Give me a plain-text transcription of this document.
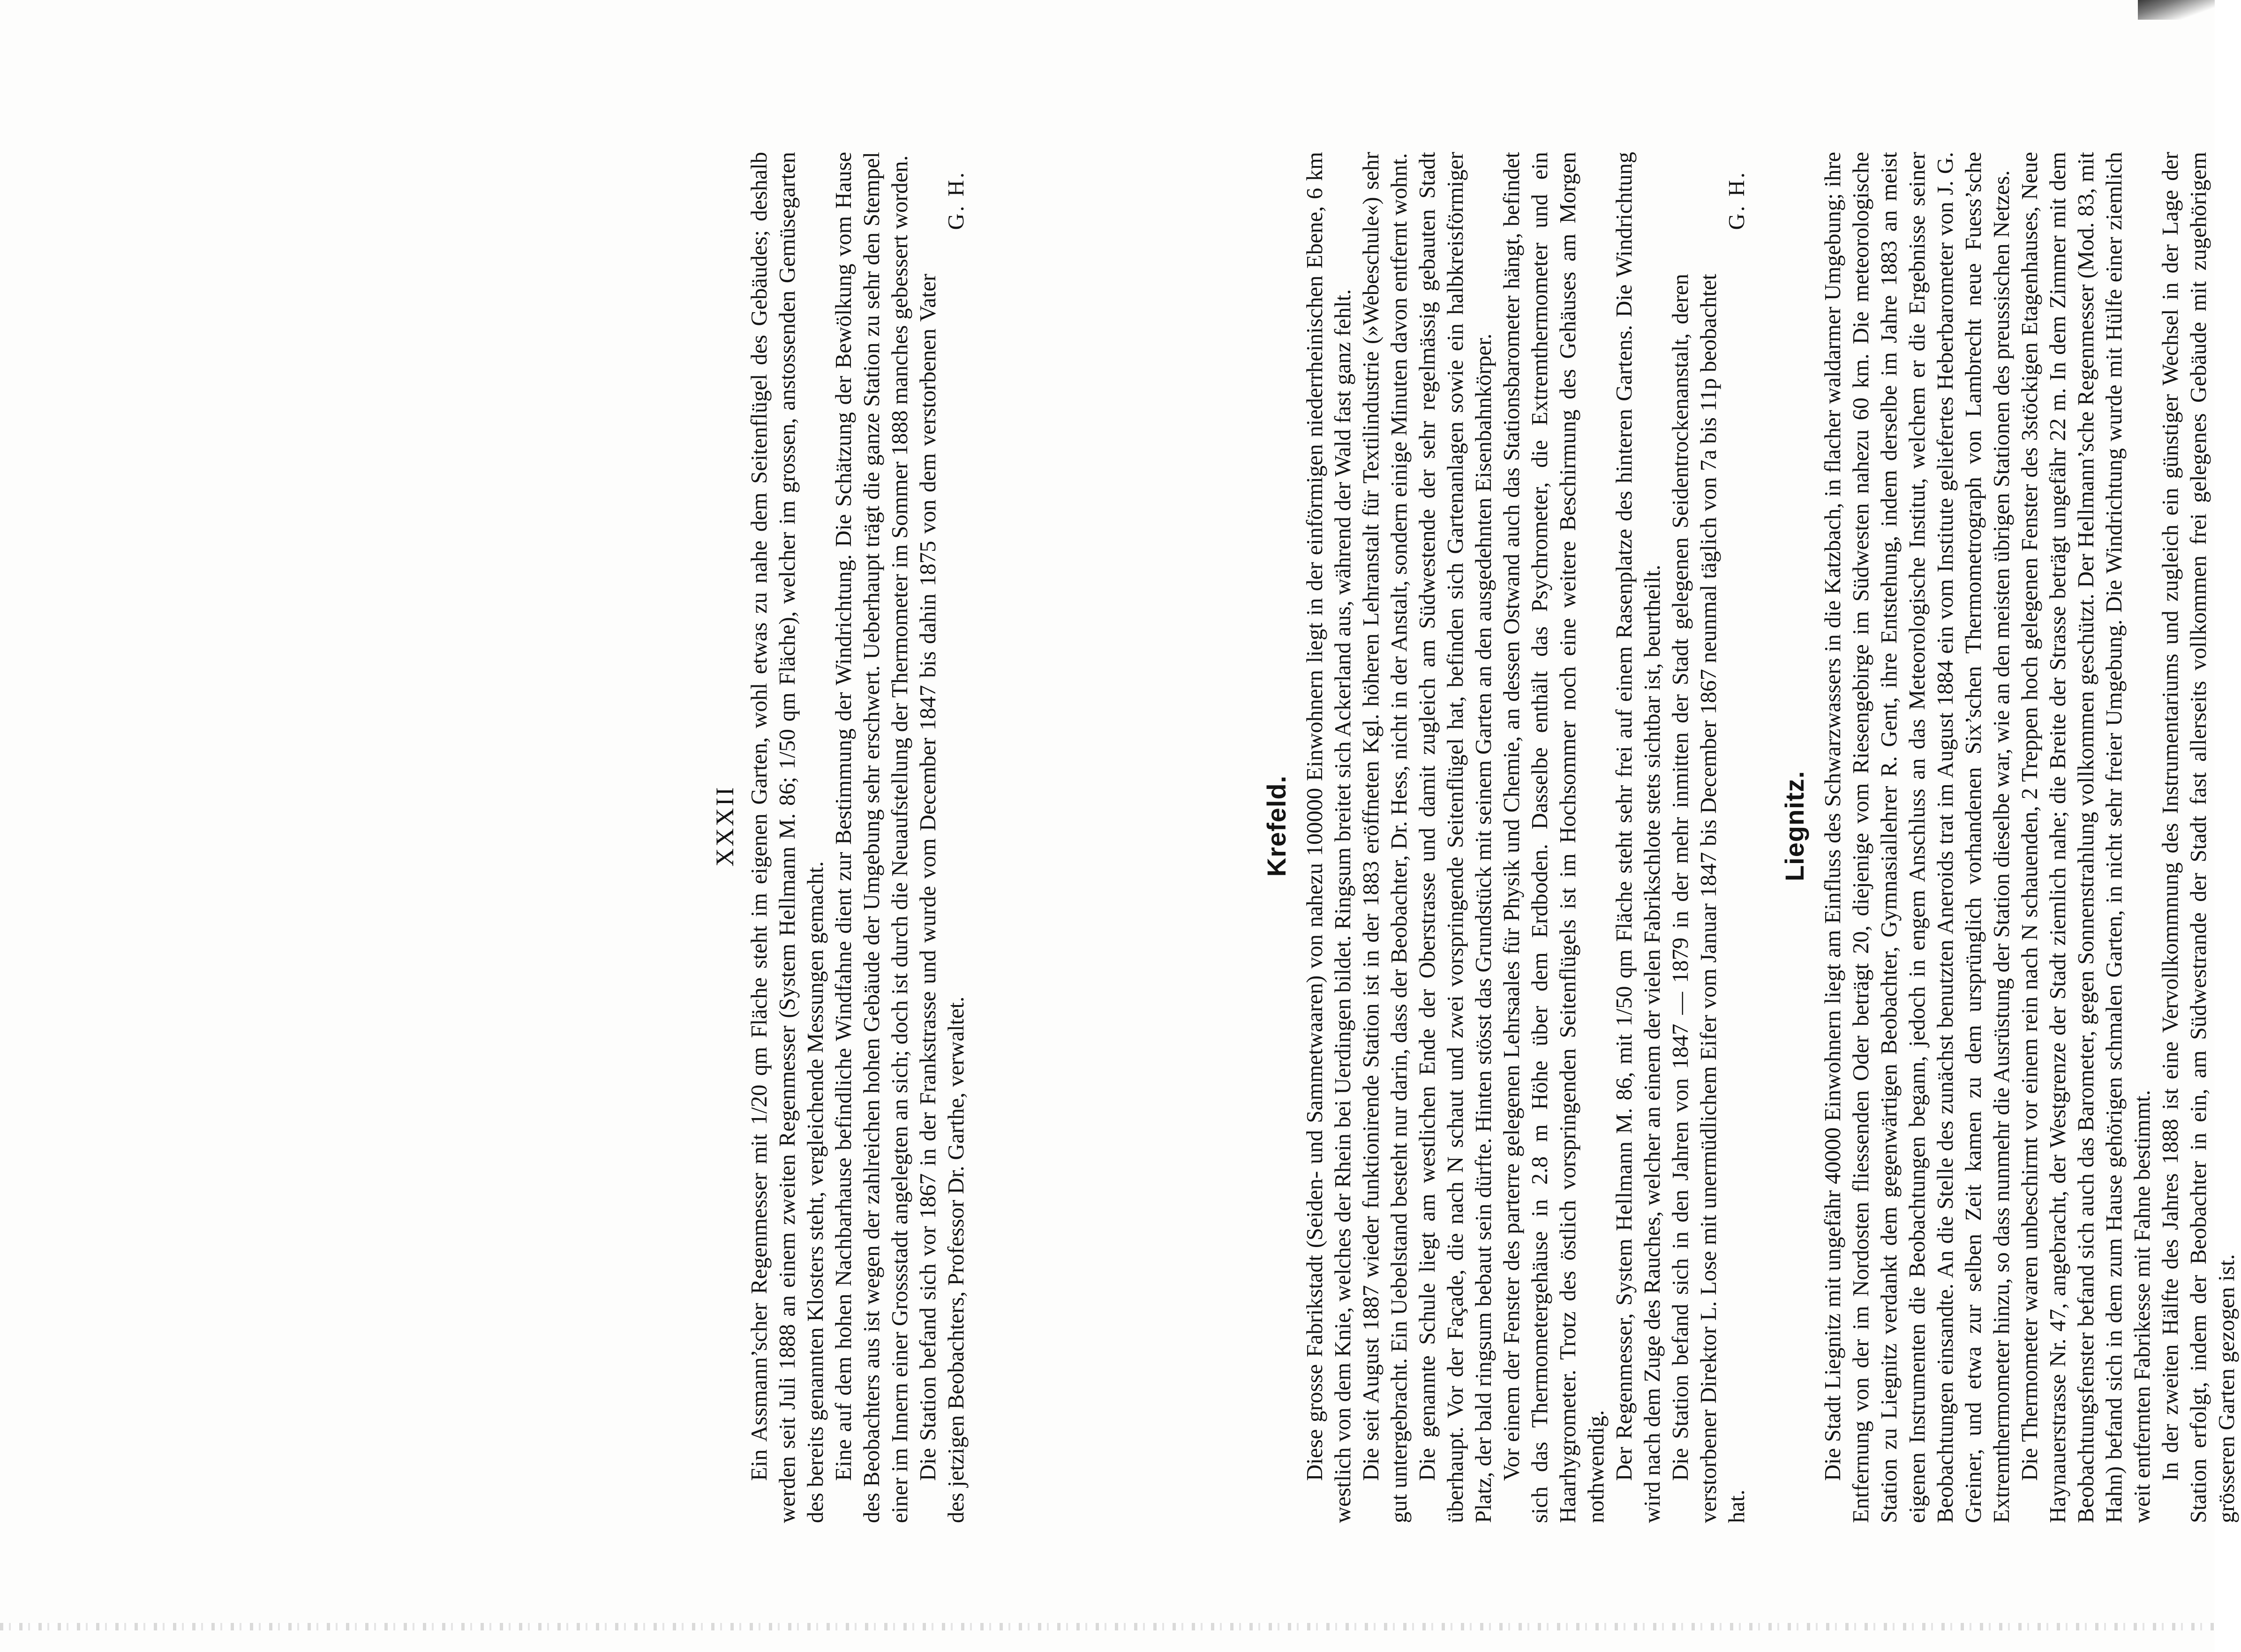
XXXII Ein Assmann’scher Regenmesser mit 1/20 qm Fläche steht im eigenen Garten, wohl etwas zu nahe dem Seitenflügel des Gebäudes; deshalb werden seit Juli 1888 an einem zweiten Regenmesser (System Hellmann M. 86; 1/50 qm Fläche), welcher im grossen, anstossenden Gemüsegarten des bereits genannten Klosters steht, vergleichende Messungen gemacht. Eine auf dem hohen Nachbarhause befindliche Windfahne dient zur Bestimmung der Windrichtung. Die Schätzung der Bewölkung vom Hause des Beobachters aus ist wegen der zahlreichen hohen Gebäude der Umgebung sehr erschwert. Ueberhaupt trägt die ganze Station zu sehr den Stempel einer im Innern einer Grossstadt angelegten an sich; doch ist durch die Neuaufstellung der Thermometer im Sommer 1888 manches gebessert worden. Die Station befand sich vor 1867 in der Frankstrasse und wurde vom December 1847 bis dahin 1875 von dem verstorbenen Vater des jetzigen Beobachters, Professor Dr. Garthe, verwaltet.
G. H.

Krefeld. Diese grosse Fabrikstadt (Seiden- und Sammetwaaren) von nahezu 100000 Einwohnern liegt in der einförmigen niederrheinischen Ebene, 6 km westlich von dem Knie, welches der Rhein bei Uerdingen bildet. Ringsum breitet sich Ackerland aus, während der Wald fast ganz fehlt. Die seit August 1887 wieder funktionirende Station ist in der 1883 eröffneten Kgl. höheren Lehranstalt für Textilindustrie (»Webeschule«) sehr gut untergebracht. Ein Uebelstand besteht nur darin, dass der Beobachter, Dr. Hess, nicht in der Anstalt, sondern einige Minuten davon entfernt wohnt. Die genannte Schule liegt am westlichen Ende der Oberstrasse und damit zugleich am Südwestende der sehr regelmässig gebauten Stadt überhaupt. Vor der Façade, die nach N schaut und zwei vorspringende Seitenflügel hat, befinden sich Gartenanlagen sowie ein halbkreisförmiger Platz, der bald ringsum bebaut sein dürfte. Hinten stösst das Grundstück mit seinem Garten an den ausgedehnten Eisenbahnkörper. Vor einem der Fenster des parterre gelegenen Lehrsaales für Physik und Chemie, an dessen Ostwand auch das Stationsbarometer hängt, befindet sich das Thermometergehäuse in 2.8 m Höhe über dem Erdboden. Dasselbe enthält das Psychrometer, die Extremthermometer und ein Haarhygrometer. Trotz des östlich vorspringenden Seitenflügels ist im Hochsommer noch eine weitere Beschirmung des Gehäuses am Morgen nothwendig. Der Regenmesser, System Hellmann M. 86, mit 1/50 qm Fläche steht sehr frei auf einem Rasenplatze des hinteren Gartens. Die Windrichtung wird nach dem Zuge des Rauches, welcher an einem der vielen Fabrikschlote stets sichtbar ist, beurtheilt. Die Station befand sich in den Jahren von 1847 — 1879 in der mehr inmitten der Stadt gelegenen Seidentrockenanstalt, deren verstorbener Direktor L. Lose mit unermüdlichem Eifer vom Januar 1847 bis December 1867 neunmal täglich von 7a bis 11p beobachtet hat.
G. H.

Liegnitz. Die Stadt Liegnitz mit ungefähr 40000 Einwohnern liegt am Einfluss des Schwarzwassers in die Katzbach, in flacher waldarmer Umgebung; ihre Entfernung von der im Nordosten fliessenden Oder beträgt 20, diejenige vom Riesengebirge im Südwesten nahezu 60 km. Die meteorologische Station zu Liegnitz verdankt dem gegenwärtigen Beobachter, Gymnasiallehrer R. Gent, ihre Entstehung, indem derselbe im Jahre 1883 an meist eigenen Instrumenten die Beobachtungen begann, jedoch in engem Anschluss an das Meteorologische Institut, welchem er die Ergebnisse seiner Beobachtungen einsandte. An die Stelle des zunächst benutzten Aneroids trat im August 1884 ein vom Institute geliefertes Heberbarometer von J. G. Greiner, und etwa zur selben Zeit kamen zu dem ursprünglich vorhandenen Six’schen Thermometrograph von Lambrecht neue Fuess’sche Extremthermometer hinzu, so dass nunmehr die Ausrüstung der Station dieselbe war, wie an den meisten übrigen Stationen des preussischen Netzes. Die Thermometer waren unbeschirmt vor einem rein nach N schauenden, 2 Treppen hoch gelegenen Fenster des 3stöckigen Etagenhauses, Neue Haynauerstrasse Nr. 47, angebracht, der Westgrenze der Stadt ziemlich nahe; die Breite der Strasse beträgt ungefähr 22 m. In dem Zimmer mit dem Beobachtungsfenster befand sich auch das Barometer, gegen Sonnenstrahlung vollkommen geschützt. Der Hellmann’sche Regenmesser (Mod. 83, mit Hahn) befand sich in dem zum Hause gehörigen schmalen Garten, in nicht sehr freier Umgebung. Die Windrichtung wurde mit Hülfe einer ziemlich weit entfernten Fabrikesse mit Fahne bestimmt. In der zweiten Hälfte des Jahres 1888 ist eine Vervollkommnung des Instrumentariums und zugleich ein günstiger Wechsel in der Lage der Station erfolgt, indem der Beobachter in ein, am Südwestrande der Stadt fast allerseits vollkommen frei gelegenes Gebäude mit zugehörigem grösseren Garten gezogen ist.
